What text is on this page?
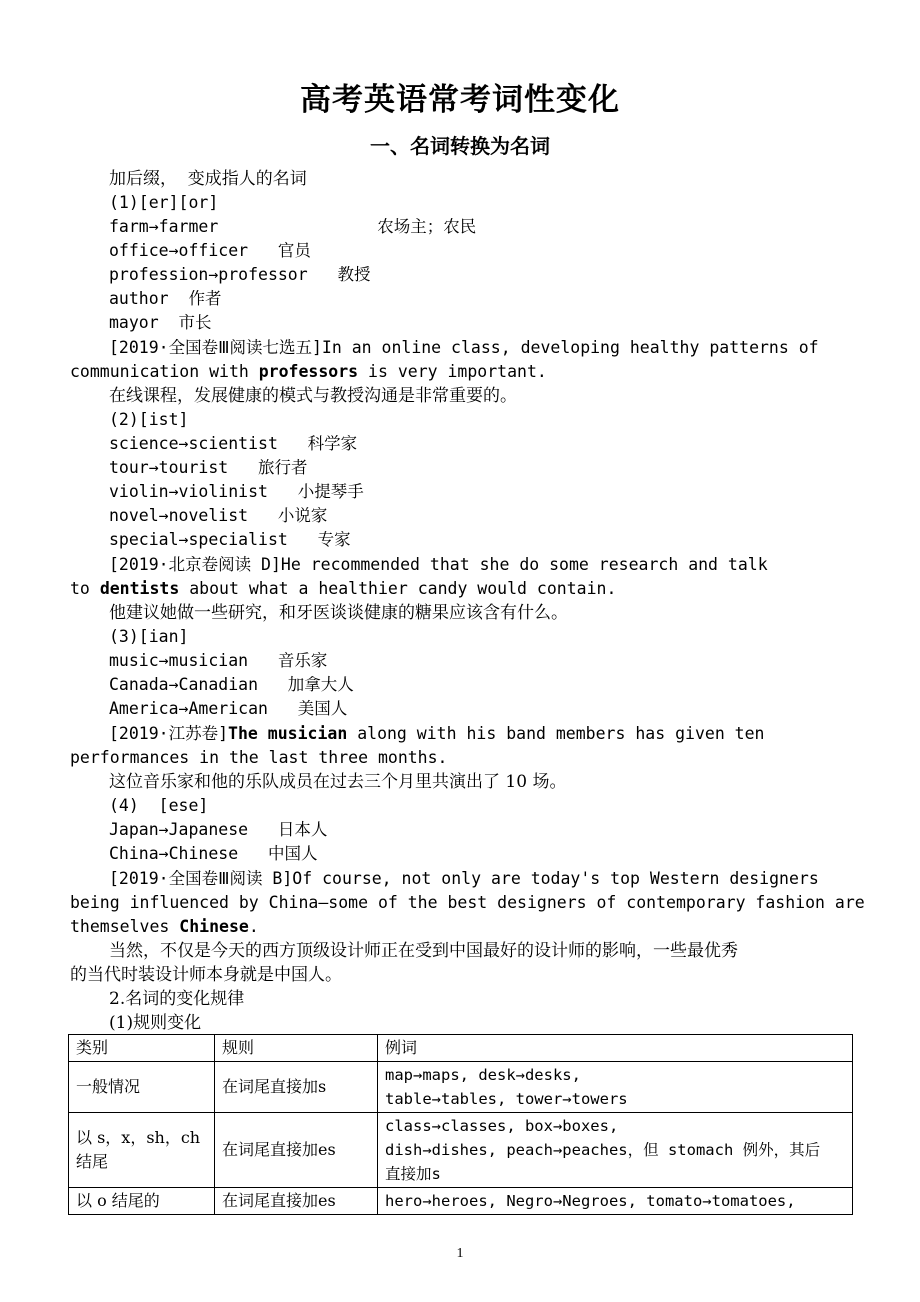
高考英语常考词性变化
一、名词转换为名词
加后缀，  变成指人的名词
(1)[er][or]
farm→farmer                农场主；农民
office→officer   官员
profession→professor   教授
author  作者
mayor  市长
[2019·全国卷Ⅲ阅读七选五]In an online class, developing healthy patterns of
communication with professors is very important.
在线课程，发展健康的模式与教授沟通是非常重要的。
(2)[ist]
science→scientist   科学家
tour→tourist   旅行者
violin→violinist   小提琴手
novel→novelist   小说家
special→specialist   专家
[2019·北京卷阅读 D]He recommended that she do some research and talk
to dentists about what a healthier candy would contain.
他建议她做一些研究，和牙医谈谈健康的糖果应该含有什么。
(3)[ian]
music→musician   音乐家
Canada→Canadian   加拿大人
America→American   美国人
[2019·江苏卷]The musician along with his band members has given ten
performances in the last three months.
这位音乐家和他的乐队成员在过去三个月里共演出了 10 场。
(4)  [ese]
Japan→Japanese   日本人
China→Chinese   中国人
[2019·全国卷Ⅲ阅读 B]Of course, not only are today's top Western designers
being influenced by China—some of the best designers of contemporary fashion are
themselves Chinese.
当然，不仅是今天的西方顶级设计师正在受到中国最好的设计师的影响，一些最优秀
的当代时装设计师本身就是中国人。
2.名词的变化规律
(1)规则变化
类别	规则	例词
一般情况	在词尾直接加s	map→maps, desk→desks,
table→tables, tower→towers

以 s，x，sh，ch 结尾	在词尾直接加es	class→classes, box→boxes,
dish→dishes, peach→peaches，但 stomach 例外，其后
直接加s

以 o 结尾的	在词尾直接加es	hero→heroes, Negro→Negroes, tomato→tomatoes,
1
